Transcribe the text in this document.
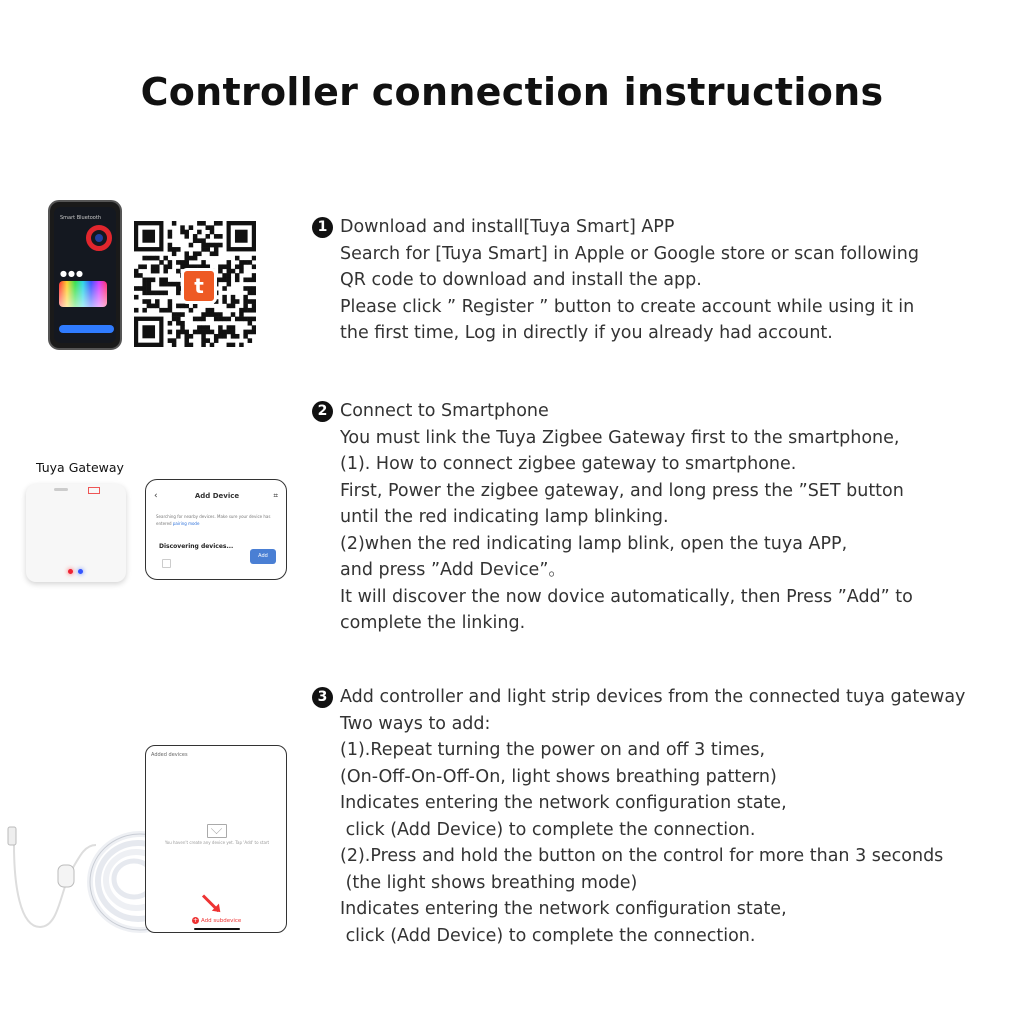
Controller connection instructions
Smart Bluetooth
●●●
t
1 Download and install[Tuya Smart] APP
Search for [Tuya Smart] in Apple or Google store or scan following
QR code to download and install the app.
Please click ” Register ” button to create account while using it in
the first time, Log in directly if you already had account.
Tuya Gateway
‹	Add Device	⌗
Searching for nearby devices. Make sure your device has entered pairing mode
Discovering devices...
Add
2 Connect to Smartphone
You must link the Tuya Zigbee Gateway first to the smartphone,
(1). How to connect zigbee gateway to smartphone.
First, Power the zigbee gateway, and long press the ”SET button
until the red indicating lamp blinking.
(2)when the red indicating lamp blink, open the tuya APP,
and press ”Add Device”。
It will discover the now dovice automatically, then Press ”Add” to
complete the linking.
Added devices
You haven't create any device yet. Tap 'Add' to start
+ Add subdevice
3 Add controller and light strip devices from the connected tuya gateway
Two ways to add:
(1).Repeat turning the power on and off 3 times,
(On-Off-On-Off-On, light shows breathing pattern)
Indicates entering the network configuration state,
click (Add Device) to complete the connection.
(2).Press and hold the button on the control for more than 3 seconds
(the light shows breathing mode)
Indicates entering the network configuration state,
click (Add Device) to complete the connection.
